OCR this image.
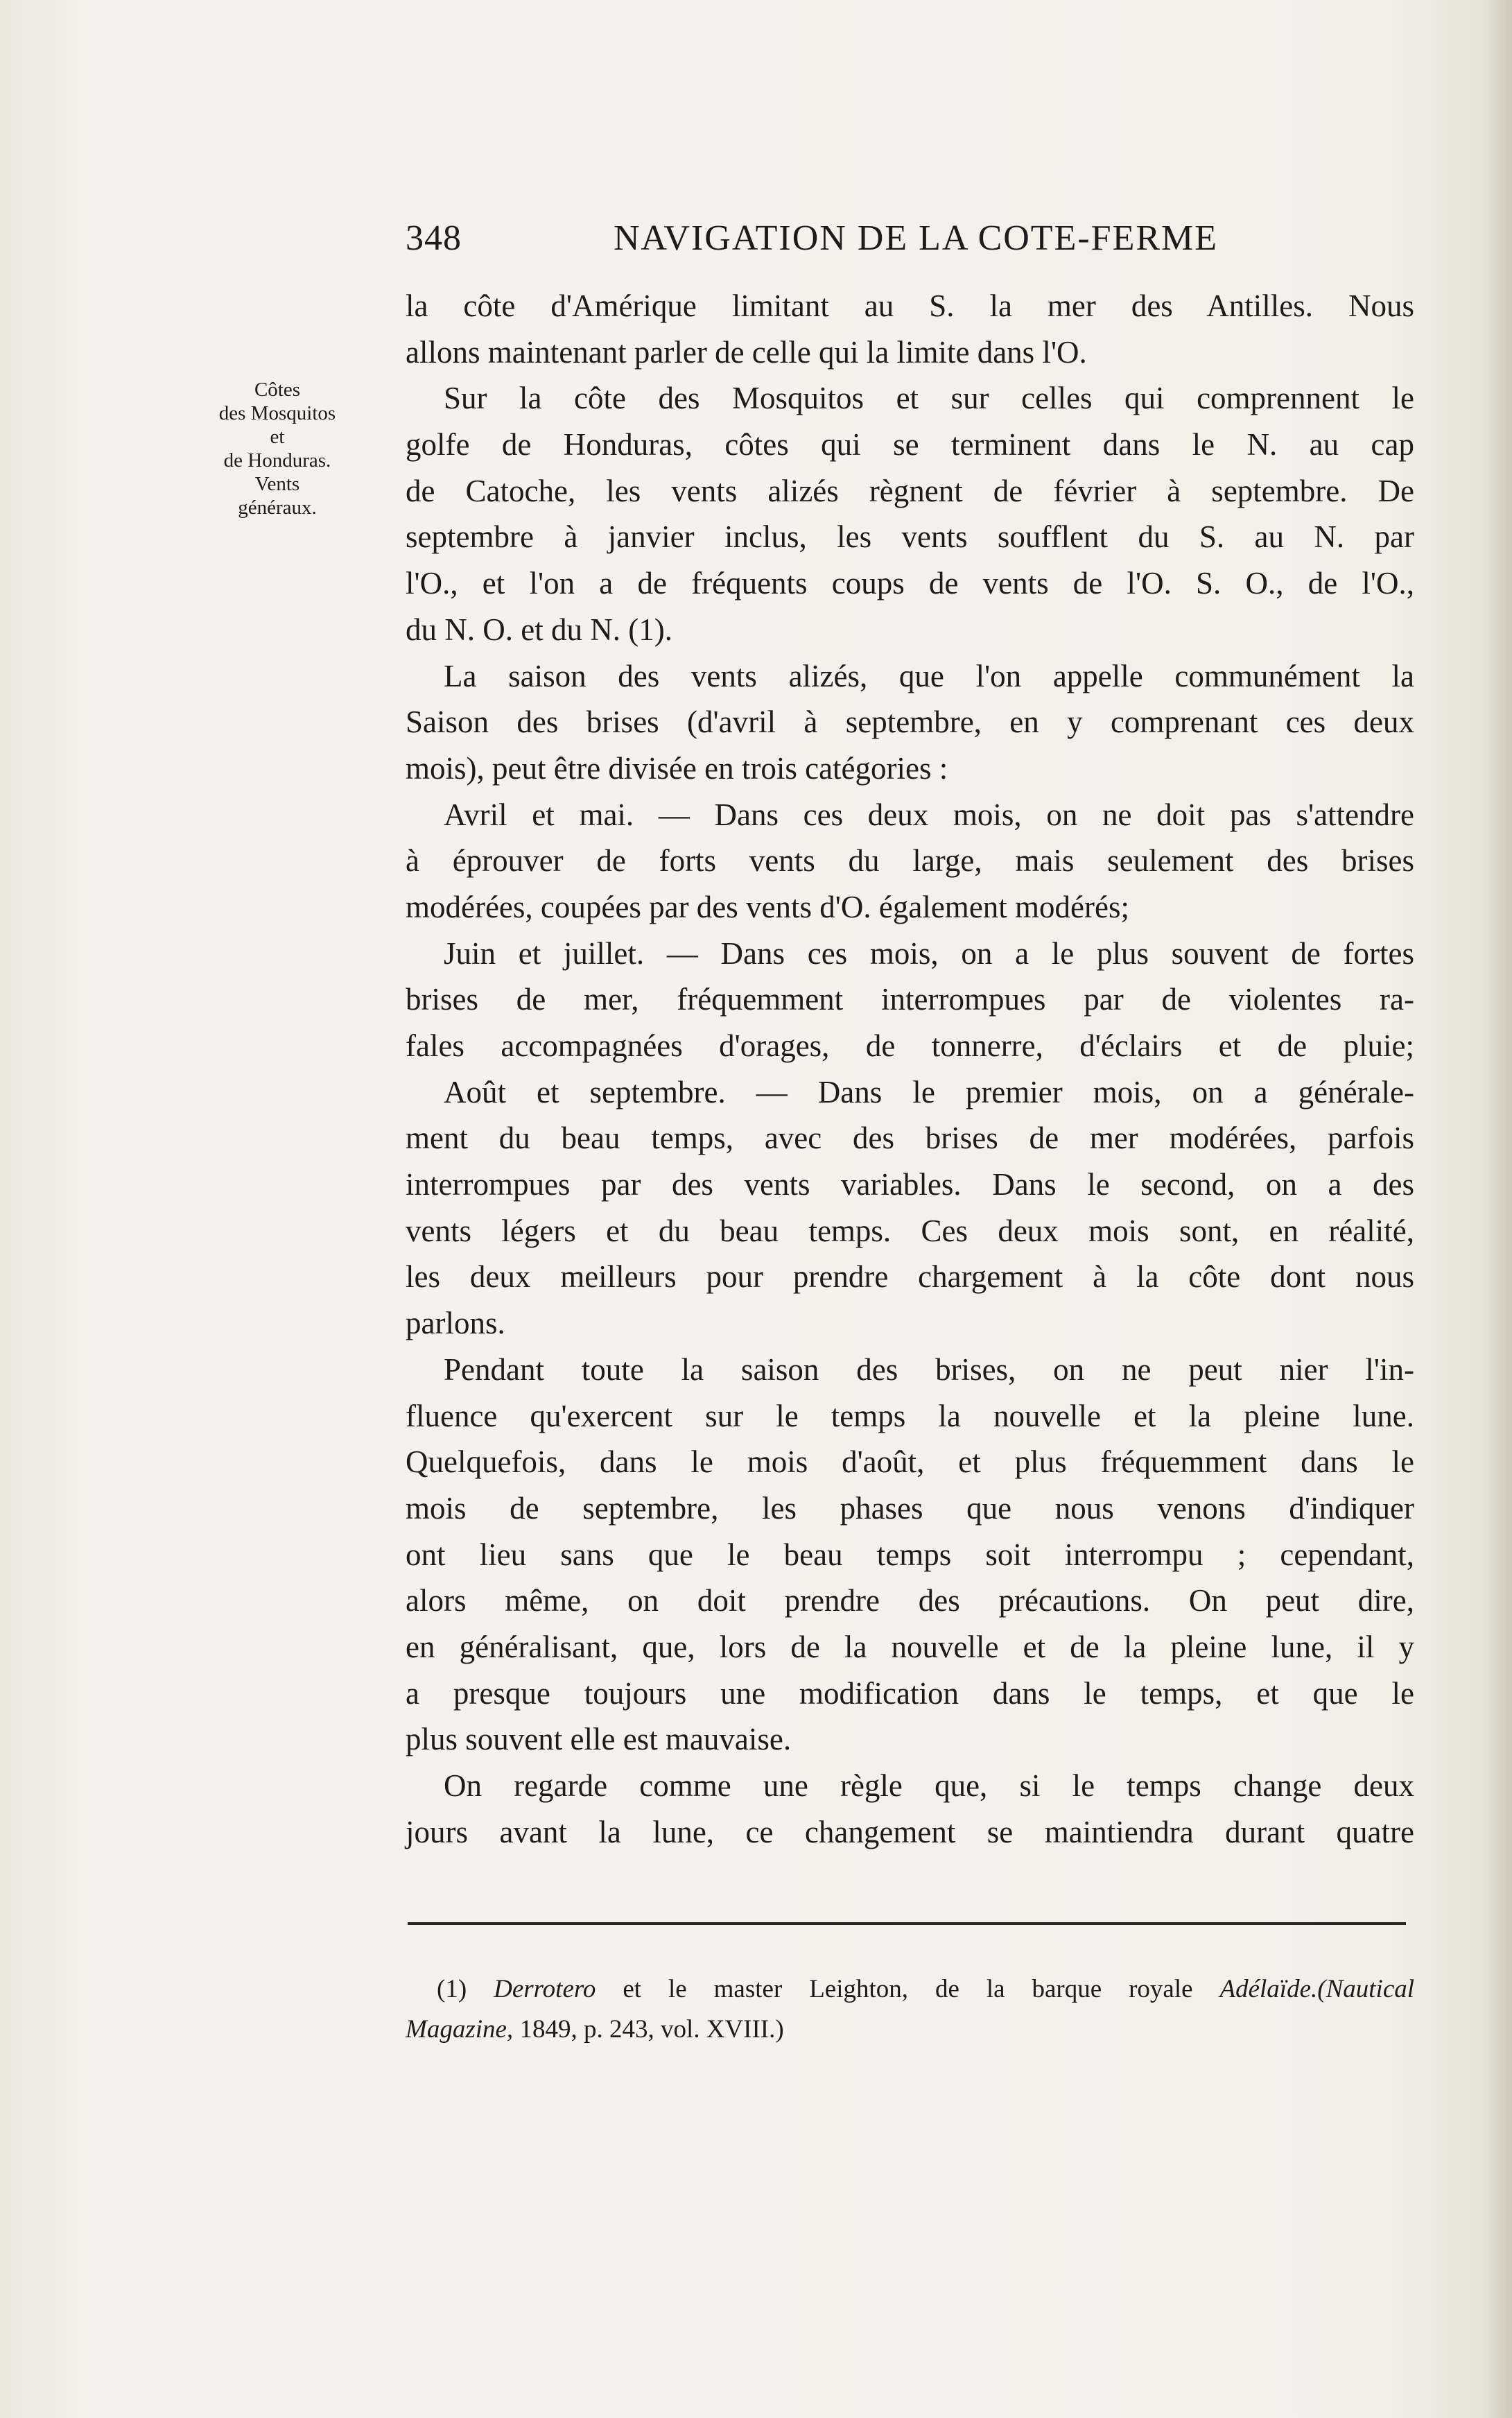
348	NAVIGATION DE LA COTE-FERME
Côtes
des Mosquitos
et
de Honduras.
Vents
généraux.
la côte d'Amérique limitant au S. la mer des Antilles. Nous
allons maintenant parler de celle qui la limite dans l'O.
Sur la côte des Mosquitos et sur celles qui comprennent le
golfe de Honduras, côtes qui se terminent dans le N. au cap
de Catoche, les vents alizés règnent de février à septembre. De
septembre à janvier inclus, les vents soufflent du S. au N. par
l'O., et l'on a de fréquents coups de vents de l'O. S. O., de l'O.,
du N. O. et du N. (1).
La saison des vents alizés, que l'on appelle communément la
Saison des brises (d'avril à septembre, en y comprenant ces deux
mois), peut être divisée en trois catégories :
Avril et mai. — Dans ces deux mois, on ne doit pas s'attendre
à éprouver de forts vents du large, mais seulement des brises
modérées, coupées par des vents d'O. également modérés;
Juin et juillet. — Dans ces mois, on a le plus souvent de fortes
brises de mer, fréquemment interrompues par de violentes ra-
fales accompagnées d'orages, de tonnerre, d'éclairs et de pluie;
Août et septembre. — Dans le premier mois, on a générale-
ment du beau temps, avec des brises de mer modérées, parfois
interrompues par des vents variables. Dans le second, on a des
vents légers et du beau temps. Ces deux mois sont, en réalité,
les deux meilleurs pour prendre chargement à la côte dont nous
parlons.
Pendant toute la saison des brises, on ne peut nier l'in-
fluence qu'exercent sur le temps la nouvelle et la pleine lune.
Quelquefois, dans le mois d'août, et plus fréquemment dans le
mois de septembre, les phases que nous venons d'indiquer
ont lieu sans que le beau temps soit interrompu ; cependant,
alors même, on doit prendre des précautions. On peut dire,
en généralisant, que, lors de la nouvelle et de la pleine lune, il y
a presque toujours une modification dans le temps, et que le
plus souvent elle est mauvaise.
On regarde comme une règle que, si le temps change deux
jours avant la lune, ce changement se maintiendra durant quatre
(1) Derrotero et le master Leighton, de la barque royale Adélaïde.(Nautical
Magazine, 1849, p. 243, vol. XVIII.)
